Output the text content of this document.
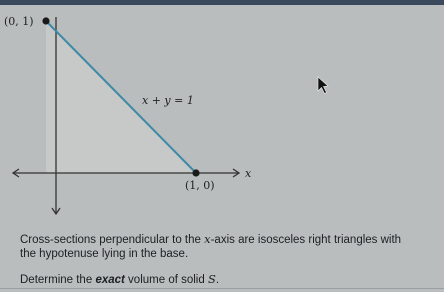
(0, 1)
(1, 0)
x + y = 1
x
Cross-sections perpendicular to the x-axis are isosceles right triangles with
the hypotenuse lying in the base.
Determine the exact volume of solid S.
